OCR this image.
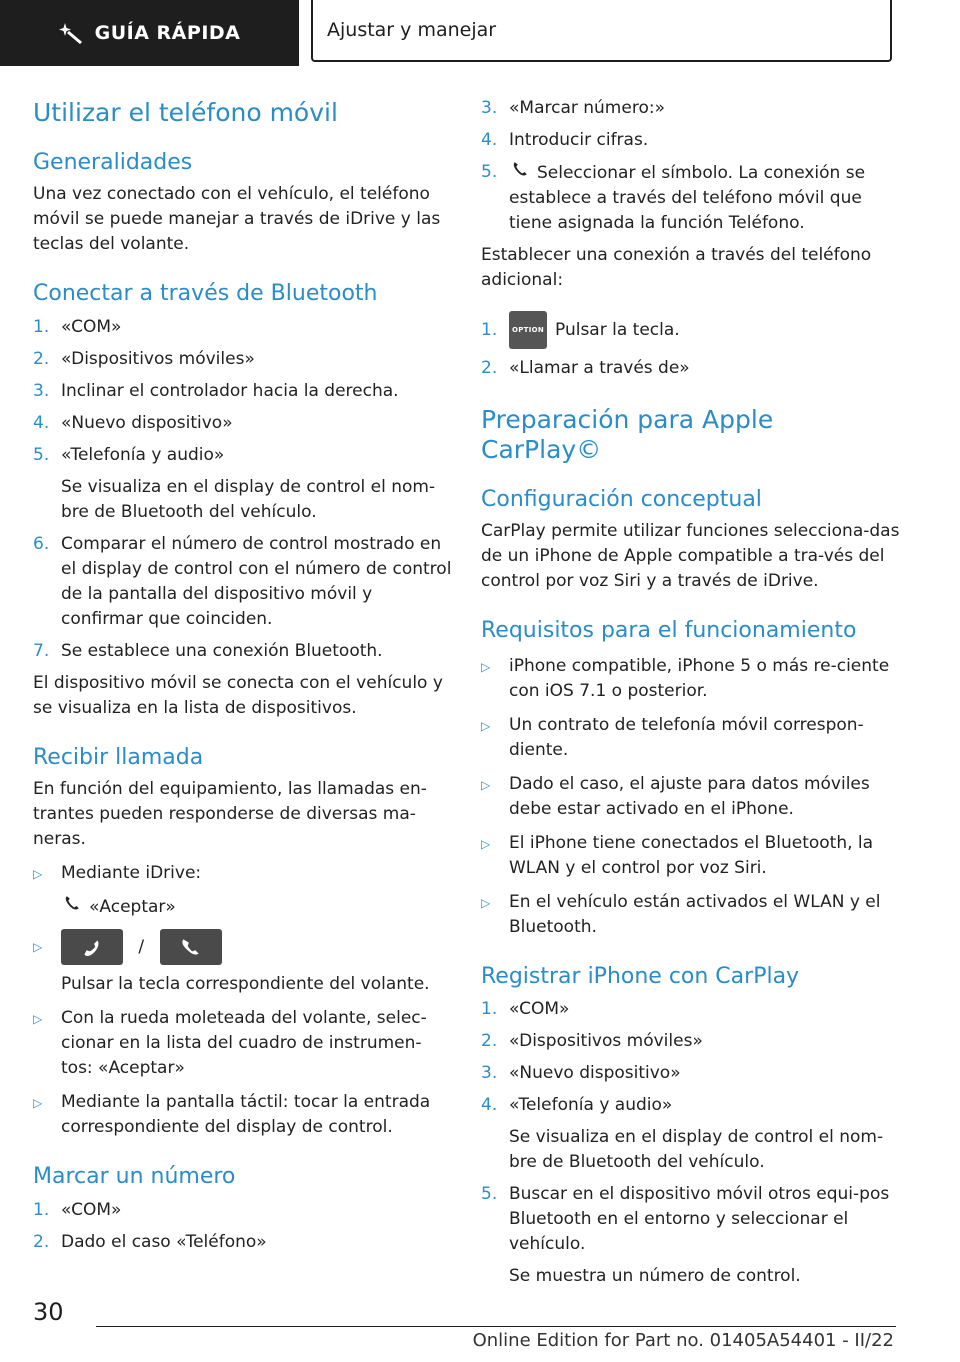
GUÍA RÁPIDA	Ajustar y manejar
Utilizar el teléfono móvil
Generalidades

Una vez conectado con el vehículo, el teléfono móvil se puede manejar a través de iDrive y las teclas del volante.

Conectar a través de Bluetooth
1. «COM»
2. «Dispositivos móviles»
3. Inclinar el controlador hacia la derecha.
4. «Nuevo dispositivo»
5. «Telefonía y audio»
Se visualiza en el display de control el nom‐bre de Bluetooth del vehículo.
6. Comparar el número de control mostrado en el display de control con el número de control de la pantalla del dispositivo móvil y confirmar que coinciden.
7. Se establece una conexión Bluetooth.

El dispositivo móvil se conecta con el vehículo y se visualiza en la lista de dispositivos.

Recibir llamada

En función del equipamiento, las llamadas en‐trantes pueden responderse de diversas ma‐neras.

▷	Mediante iDrive:
«Aceptar»
▷	/
Pulsar la tecla correspondiente del volante.
▷	Con la rueda moleteada del volante, selec‐cionar en la lista del cuadro de instrumen‐tos: «Aceptar»
▷	Mediante la pantalla táctil: tocar la entrada correspondiente del display de control.
Marcar un número
1. «COM»
2. Dado el caso «Teléfono»
3. «Marcar número:»
4. Introducir cifras.
5.	Seleccionar el símbolo. La conexión se establece a través del teléfono móvil que tiene asignada la función Teléfono.

Establecer una conexión a través del teléfono adicional:

1.	OPTION Pulsar la tecla.
2. «Llamar a través de»
Preparación para Apple CarPlay©
Configuración conceptual

CarPlay permite utilizar funciones selecciona‐das de un iPhone de Apple compatible a tra‐vés del control por voz Siri y a través de iDrive.

Requisitos para el funcionamiento
▷	iPhone compatible, iPhone 5 o más re‐ciente con iOS 7.1 o posterior.
▷	Un contrato de telefonía móvil correspon‐diente.
▷	Dado el caso, el ajuste para datos móviles debe estar activado en el iPhone.
▷	El iPhone tiene conectados el Bluetooth, la WLAN y el control por voz Siri.
▷	En el vehículo están activados el WLAN y el Bluetooth.
Registrar iPhone con CarPlay
1. «COM»
2. «Dispositivos móviles»
3. «Nuevo dispositivo»
4. «Telefonía y audio»
Se visualiza en el display de control el nom‐bre de Bluetooth del vehículo.
5. Buscar en el dispositivo móvil otros equi‐pos Bluetooth en el entorno y seleccionar el vehículo.
Se muestra un número de control.
30
Online Edition for Part no. 01405A54401 - II/22
